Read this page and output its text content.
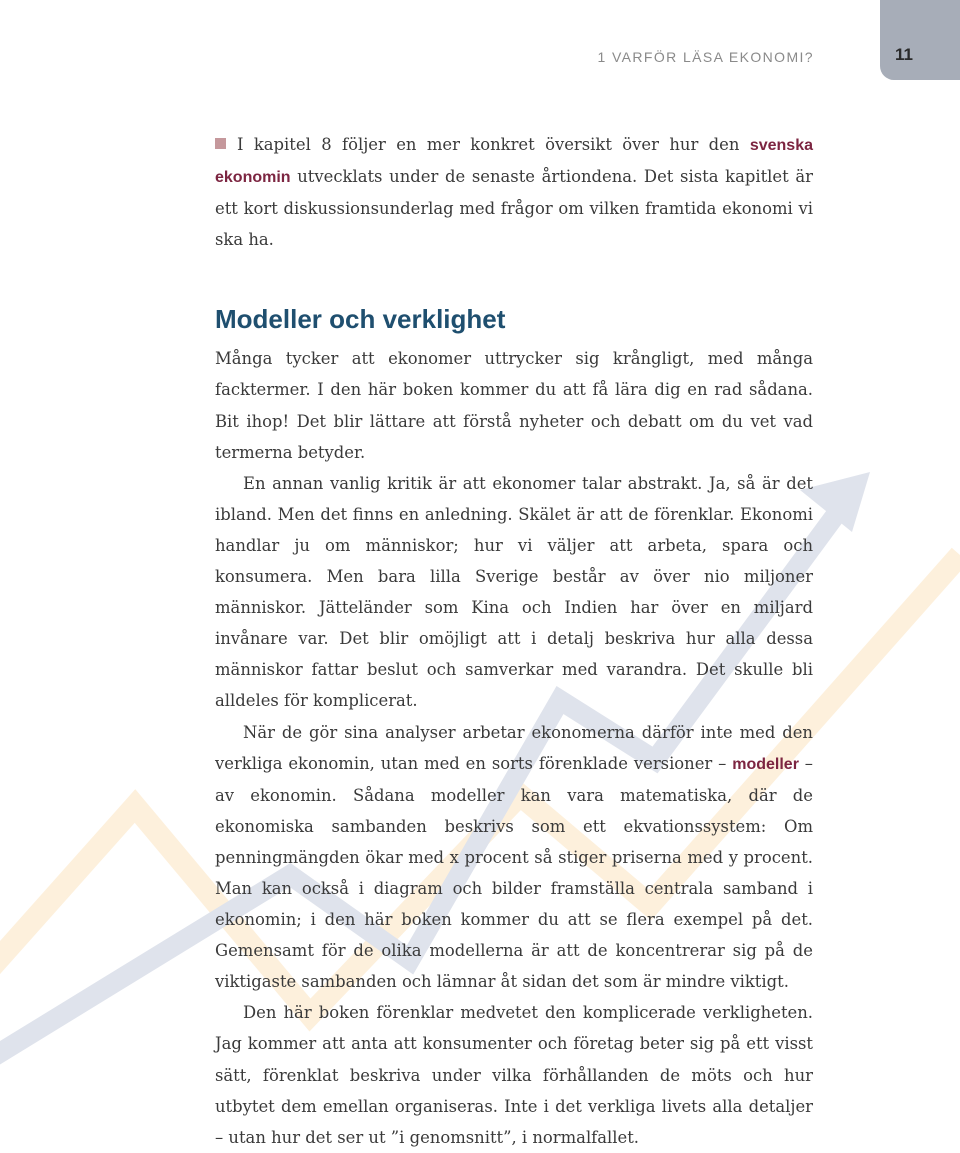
1 VARFÖR LÄSA EKONOMI?	11

I kapitel 8 följer en mer konkret översikt över hur den svenska ekonomin utvecklats under de senaste årtiondena. Det sista kapitlet är ett kort diskussionsunderlag med frågor om vilken framtida ekonomi vi ska ha.

Modeller och verklighet

Många tycker att ekonomer uttrycker sig krångligt, med många facktermer. I den här boken kommer du att få lära dig en rad sådana. Bit ihop! Det blir lättare att förstå nyheter och debatt om du vet vad termerna betyder.

En annan vanlig kritik är att ekonomer talar abstrakt. Ja, så är det ibland. Men det finns en anledning. Skälet är att de förenklar. Ekonomi handlar ju om människor; hur vi väljer att arbeta, spara och konsumera. Men bara lilla Sverige består av över nio miljoner människor. Jätteländer som Kina och Indien har över en miljard invånare var. Det blir omöjligt att i detalj beskriva hur alla dessa människor fattar beslut och samverkar med varandra. Det skulle bli alldeles för komplicerat.

När de gör sina analyser arbetar ekonomerna därför inte med den verkliga ekonomin, utan med en sorts förenklade versioner – modeller – av ekonomin. Sådana modeller kan vara matematiska, där de ekonomiska sambanden beskrivs som ett ekvationssystem: Om penningmängden ökar med x procent så stiger priserna med y procent. Man kan också i diagram och bilder framställa centrala samband i ekonomin; i den här boken kommer du att se flera exempel på det. Gemensamt för de olika modellerna är att de koncentrerar sig på de viktigaste sambanden och lämnar åt sidan det som är mindre viktigt.

Den här boken förenklar medvetet den komplicerade verkligheten. Jag kommer att anta att konsumenter och företag beter sig på ett visst sätt, förenklat beskriva under vilka förhållanden de möts och hur utbytet dem emellan organiseras. Inte i det verkliga livets alla detaljer – utan hur det ser ut ”i genomsnitt”, i normalfallet.
